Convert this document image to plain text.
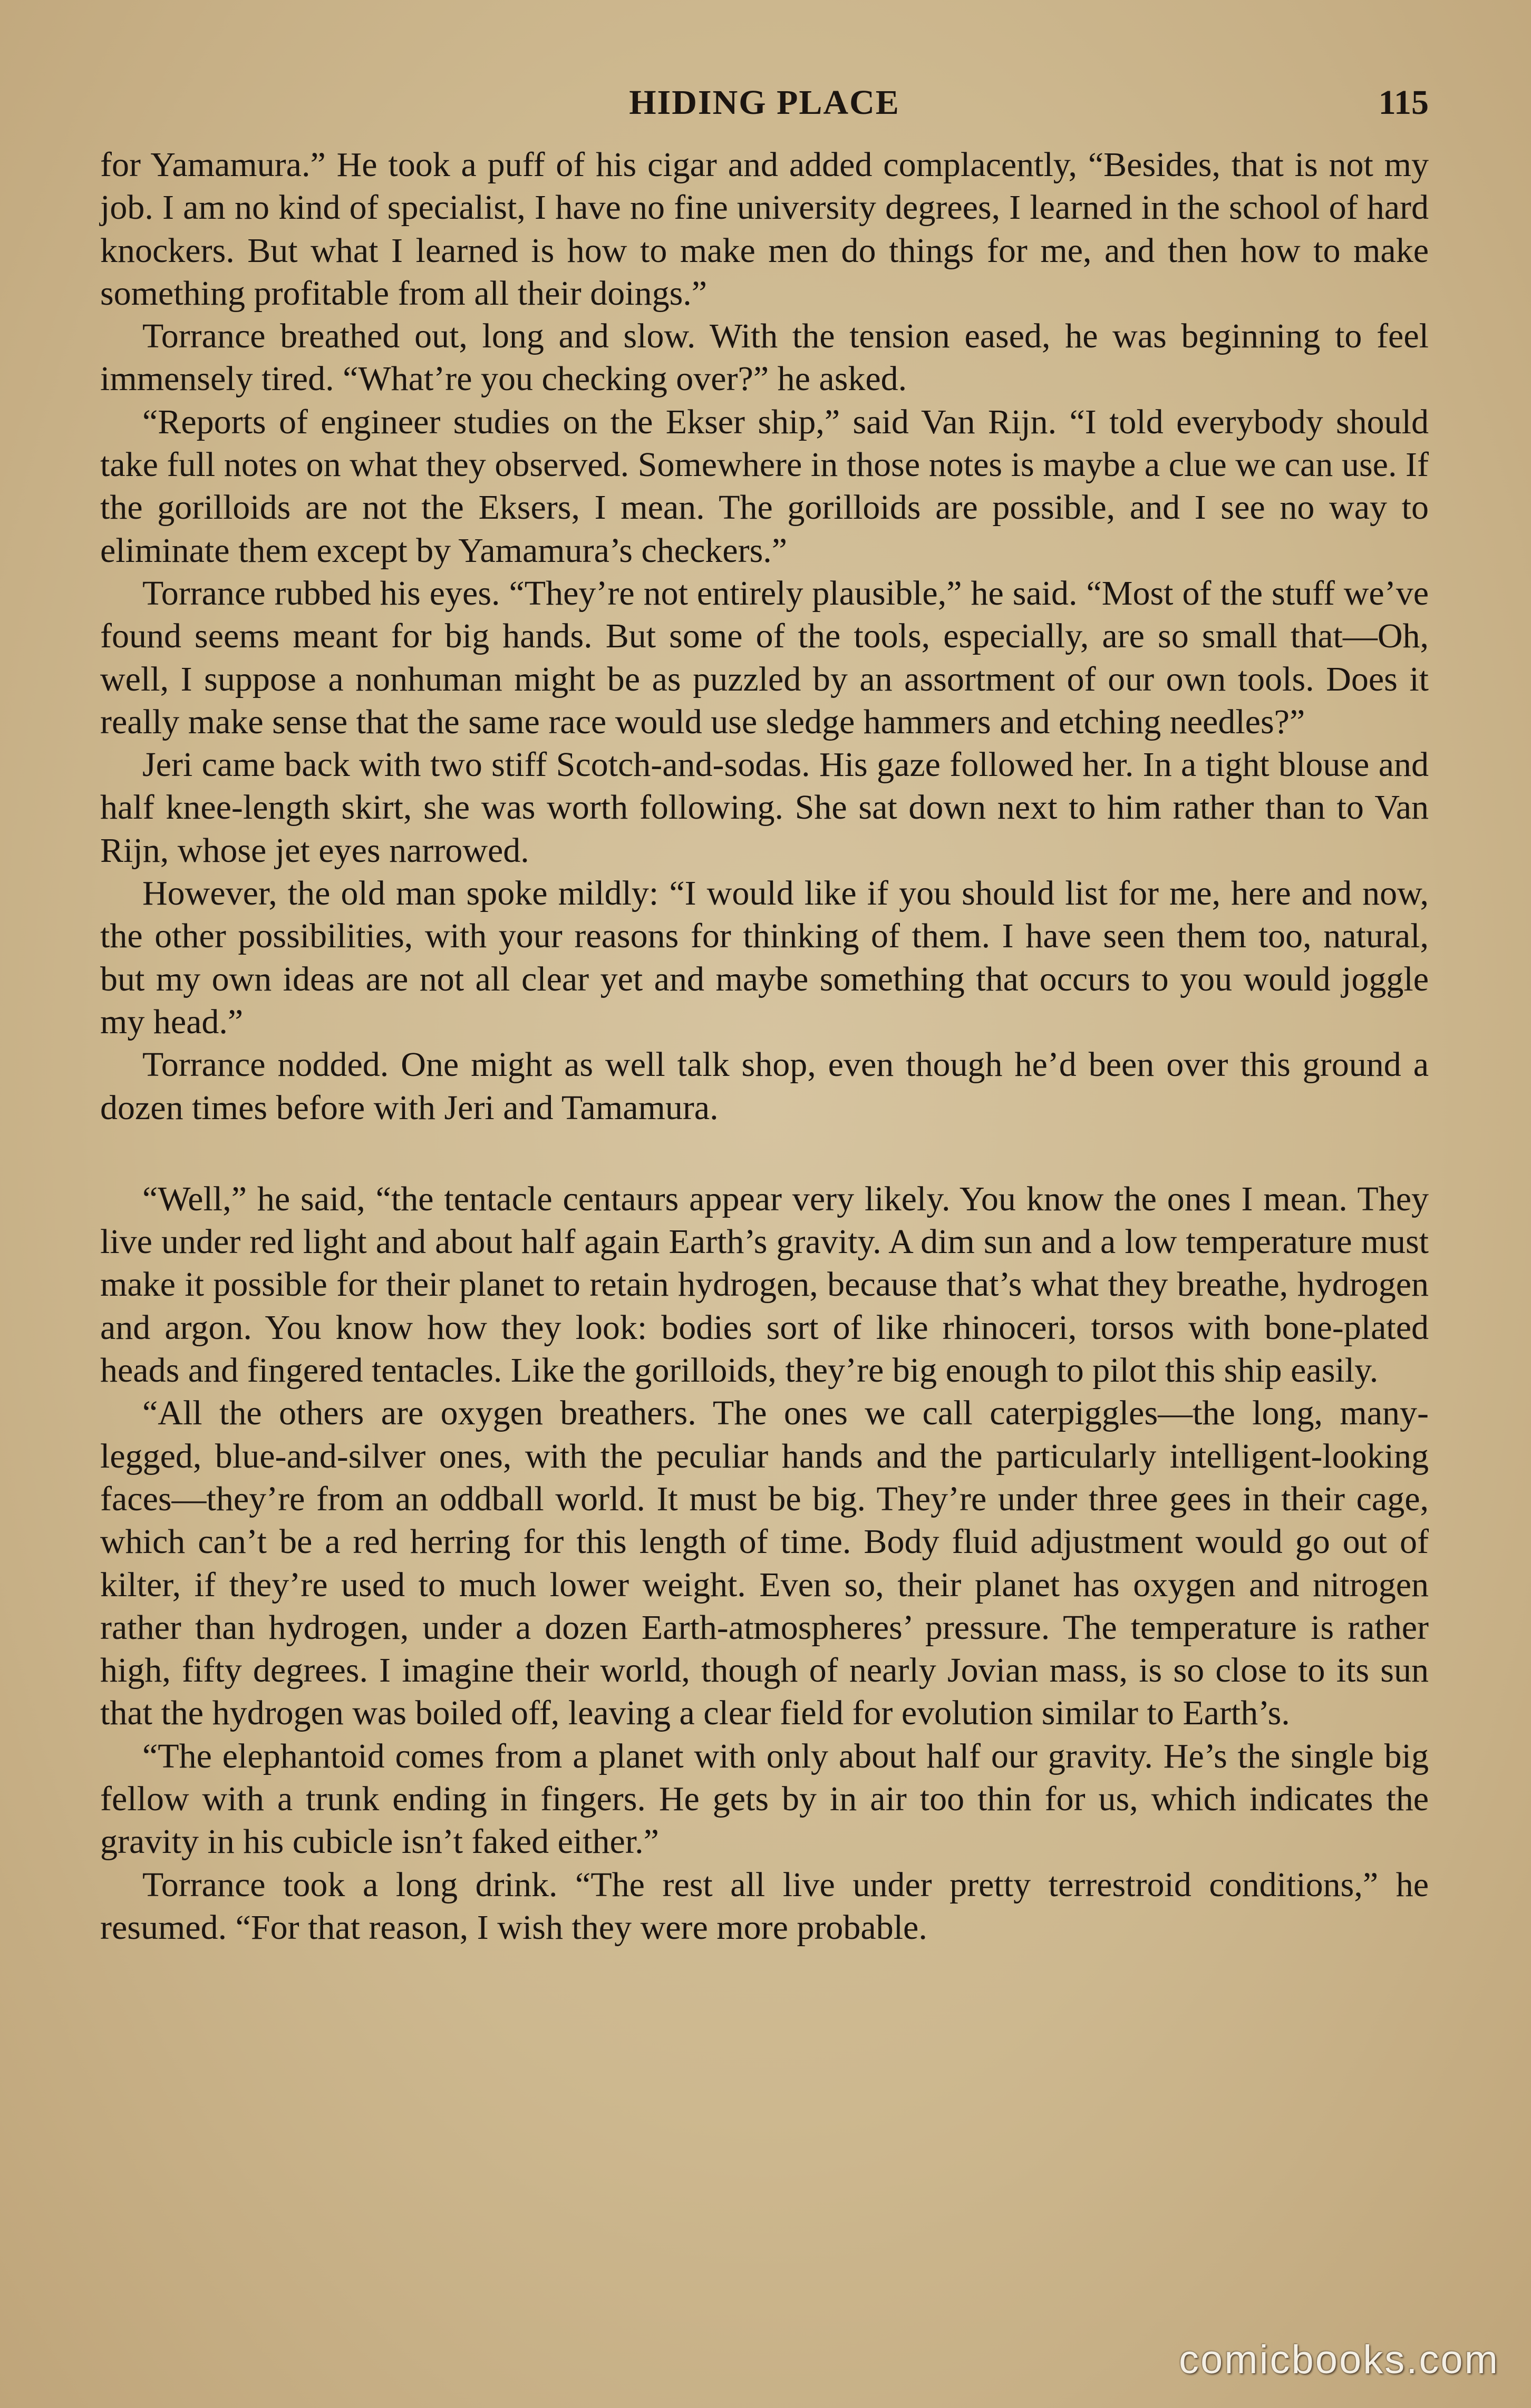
HIDING PLACE	115

for Yamamura.” He took a puff of his cigar and added complacently, “Besides, that is not my job. I am no kind of specialist, I have no fine university degrees, I learned in the school of hard knockers. But what I learned is how to make men do things for me, and then how to make something profitable from all their doings.”

Torrance breathed out, long and slow. With the tension eased, he was beginning to feel immensely tired. “What’re you checking over?” he asked.

“Reports of engineer studies on the Ekser ship,” said Van Rijn. “I told everybody should take full notes on what they observed. Somewhere in those notes is maybe a clue we can use. If the gorilloids are not the Eksers, I mean. The gorilloids are possible, and I see no way to eliminate them except by Yamamura’s checkers.”

Torrance rubbed his eyes. “They’re not entirely plausible,” he said. “Most of the stuff we’ve found seems meant for big hands. But some of the tools, especially, are so small that—Oh, well, I suppose a nonhuman might be as puzzled by an assortment of our own tools. Does it really make sense that the same race would use sledge hammers and etching needles?”

Jeri came back with two stiff Scotch-and-sodas. His gaze followed her. In a tight blouse and half knee-length skirt, she was worth following. She sat down next to him rather than to Van Rijn, whose jet eyes narrowed.

However, the old man spoke mildly: “I would like if you should list for me, here and now, the other possibilities, with your reasons for thinking of them. I have seen them too, natural, but my own ideas are not all clear yet and maybe something that occurs to you would joggle my head.”

Torrance nodded. One might as well talk shop, even though he’d been over this ground a dozen times before with Jeri and Tamamura.

“Well,” he said, “the tentacle centaurs appear very likely. You know the ones I mean. They live under red light and about half again Earth’s gravity. A dim sun and a low temperature must make it possible for their planet to retain hydrogen, because that’s what they breathe, hydrogen and argon. You know how they look: bodies sort of like rhinoceri, torsos with bone-plated heads and fingered tentacles. Like the gorilloids, they’re big enough to pilot this ship easily.

“All the others are oxygen breathers. The ones we call caterpiggles—the long, many-legged, blue-and-silver ones, with the peculiar hands and the particularly intelligent-looking faces—they’re from an oddball world. It must be big. They’re under three gees in their cage, which can’t be a red herring for this length of time. Body fluid adjustment would go out of kilter, if they’re used to much lower weight. Even so, their planet has oxygen and nitrogen rather than hydrogen, under a dozen Earth-atmospheres’ pressure. The temperature is rather high, fifty degrees. I imagine their world, though of nearly Jovian mass, is so close to its sun that the hydrogen was boiled off, leaving a clear field for evolution similar to Earth’s.

“The elephantoid comes from a planet with only about half our gravity. He’s the single big fellow with a trunk ending in fingers. He gets by in air too thin for us, which indicates the gravity in his cubicle isn’t faked either.”

Torrance took a long drink. “The rest all live under pretty terrestroid conditions,” he resumed. “For that reason, I wish they were more probable.

comicbooks.com
